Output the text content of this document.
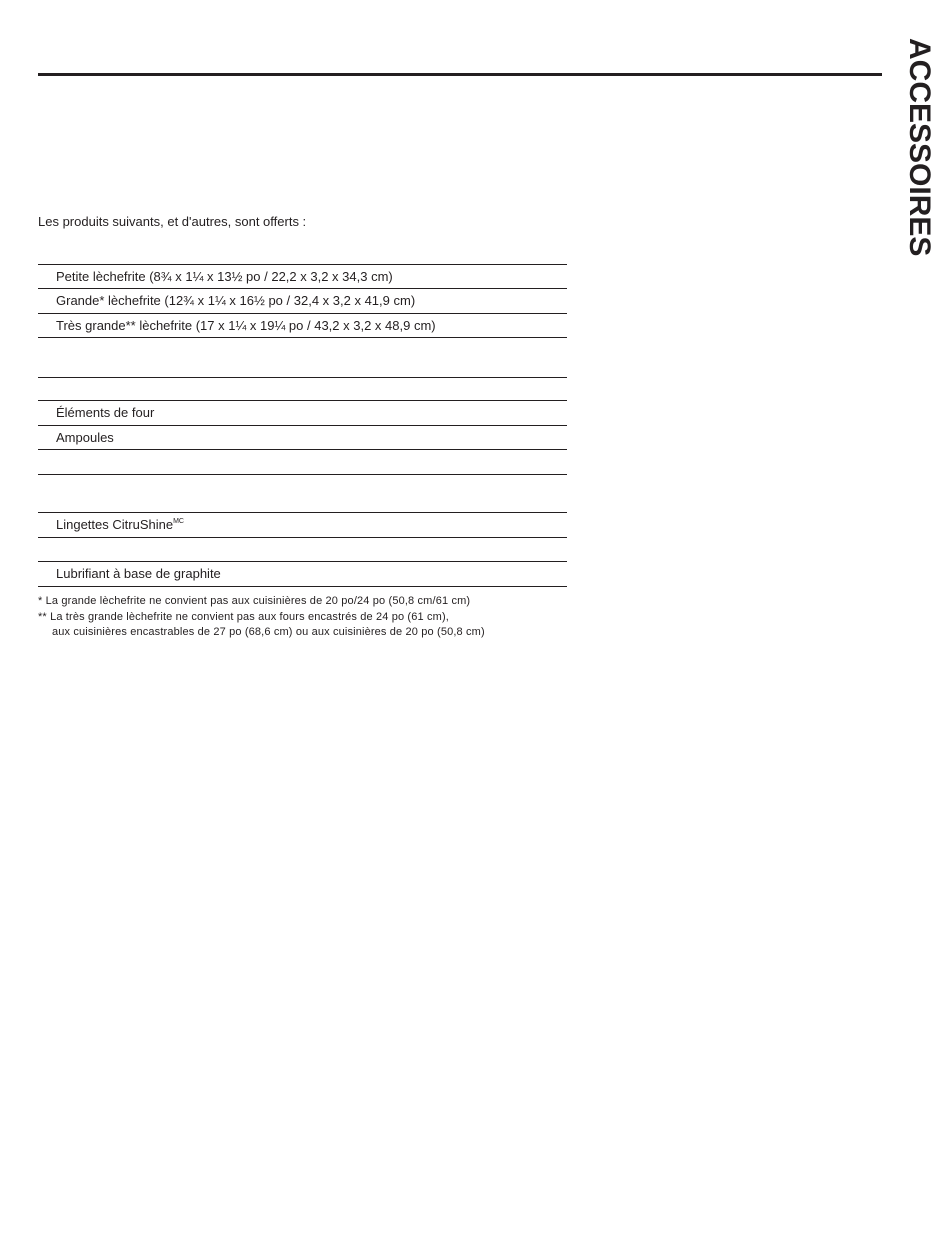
ACCESSOIRES
Les produits suivants, et d'autres, sont offerts :
Petite lèchefrite (8¾ x 1¼ x 13½ po / 22,2 x 3,2 x 34,3 cm)
Grande* lèchefrite (12¾ x 1¼ x 16½ po / 32,4 x 3,2 x 41,9 cm)
Très grande** lèchefrite (17 x 1¼ x 19¼ po / 43,2 x 3,2 x 48,9 cm)
Éléments de four
Ampoules
Lingettes CitruShine$^{MC}$
Lubrifiant à base de graphite
* La grande lèchefrite ne convient pas aux cuisinières de 20 po/24 po (50,8 cm/61 cm)
** La très grande lèchefrite ne convient pas aux fours encastrés de 24 po (61 cm),
aux cuisinières encastrables de 27 po (68,6 cm) ou aux cuisinières de 20 po (50,8 cm)
